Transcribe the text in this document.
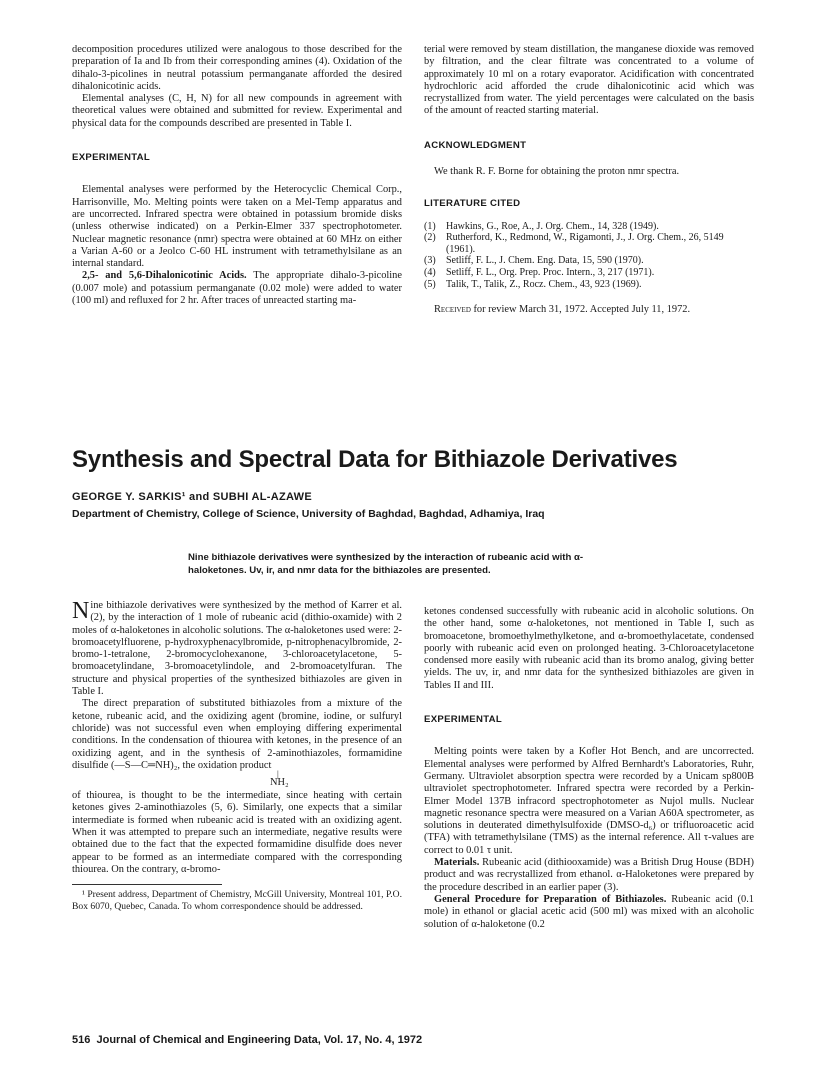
decomposition procedures utilized were analogous to those described for the preparation of Ia and Ib from their corresponding amines (4). Oxidation of the dihalo-3-picolines in neutral potassium permanganate afforded the desired dihalonicotinic acids.

Elemental analyses (C, H, N) for all new compounds in agreement with theoretical values were obtained and submitted for review. Experimental and physical data for the compounds described are presented in Table I.

EXPERIMENTAL

Elemental analyses were performed by the Heterocyclic Chemical Corp., Harrisonville, Mo. Melting points were taken on a Mel-Temp apparatus and are uncorrected. Infrared spectra were obtained in potassium bromide disks (unless otherwise indicated) on a Perkin-Elmer 337 spectrophotometer. Nuclear magnetic resonance (nmr) spectra were obtained at 60 MHz on either a Varian A-60 or a Jeolco C-60 HL instrument with tetramethylsilane as an internal standard.

2,5- and 5,6-Dihalonicotinic Acids. The appropriate dihalo-3-picoline (0.007 mole) and potassium permanganate (0.02 mole) were added to water (100 ml) and refluxed for 2 hr. After traces of unreacted starting ma-

terial were removed by steam distillation, the manganese dioxide was removed by filtration, and the clear filtrate was concentrated to a volume of approximately 10 ml on a rotary evaporator. Acidification with concentrated hydrochloric acid afforded the crude dihalonicotinic acid which was recrystallized from water. The yield percentages were calculated on the basis of the amount of reacted starting material.

ACKNOWLEDGMENT

We thank R. F. Borne for obtaining the proton nmr spectra.

LITERATURE CITED
(1)	Hawkins, G., Roe, A., J. Org. Chem., 14, 328 (1949).
(2)	Rutherford, K., Redmond, W., Rigamonti, J., J. Org. Chem., 26, 5149 (1961).
(3)	Setliff, F. L., J. Chem. Eng. Data, 15, 590 (1970).
(4)	Setliff, F. L., Org. Prep. Proc. Intern., 3, 217 (1971).
(5)	Talik, T., Talik, Z., Rocz. Chem., 43, 923 (1969).

Received for review March 31, 1972. Accepted July 11, 1972.

Synthesis and Spectral Data for Bithiazole Derivatives
GEORGE Y. SARKIS¹ and SUBHI AL-AZAWE
Department of Chemistry, College of Science, University of Baghdad, Baghdad, Adhamiya, Iraq
Nine bithiazole derivatives were synthesized by the interaction of rubeanic acid with α-haloketones. Uv, ir, and nmr data for the bithiazoles are presented.

Nine bithiazole derivatives were synthesized by the method of Karrer et al. (2), by the interaction of 1 mole of rubeanic acid (dithio-oxamide) with 2 moles of α-haloketones in alcoholic solutions. The α-haloketones used were: 2-bromoacetylfluorene, p-hydroxyphenacylbromide, p-nitrophenacylbromide, 2-bromo-1-tetralone, 2-bromocyclohexanone, 3-chloroacetylacetone, 5-bromoacetylindane, 3-bromoacetylindole, and 2-bromoacetylfuran. The structure and physical properties of the synthesized bithiazoles are given in Table I.

The direct preparation of substituted bithiazoles from a mixture of the ketone, rubeanic acid, and the oxidizing agent (bromine, iodine, or sulfuryl chloride) was not successful even when employing differing experimental conditions. In the condensation of thiourea with ketones, in the presence of an oxidizing agent, and in the synthesis of 2-aminothiazoles, formamidine disulfide (—S—C═NH)₂, the oxidation product

|
NH₂

of thiourea, is thought to be the intermediate, since heating with certain ketones gives 2-aminothiazoles (5, 6). Similarly, one expects that a similar intermediate is formed when rubeanic acid is treated with an oxidizing agent. When it was attempted to prepare such an intermediate, negative results were obtained due to the fact that the expected formamidine disulfide does never appear to be formed as an intermediate compared with the corresponding thiourea. On the contrary, α-bromo-

¹ Present address, Department of Chemistry, McGill University, Montreal 101, P.O. Box 6070, Quebec, Canada. To whom correspondence should be addressed.

ketones condensed successfully with rubeanic acid in alcoholic solutions. On the other hand, some α-haloketones, not mentioned in Table I, such as bromoacetone, bromoethylmethylketone, and α-bromoethylacetate, condensed poorly with rubeanic acid even on prolonged heating. 3-Chloroacetylacetone condensed more easily with rubeanic acid than its bromo analog, giving better yields. The uv, ir, and nmr data for the synthesized bithiazoles are given in Tables II and III.

EXPERIMENTAL

Melting points were taken by a Kofler Hot Bench, and are uncorrected. Elemental analyses were performed by Alfred Bernhardt's Laboratories, Ruhr, Germany. Ultraviolet absorption spectra were recorded by a Unicam sp800B ultraviolet spectrophotometer. Infrared spectra were recorded by a Perkin-Elmer Model 137B infracord spectrophotometer as Nujol mulls. Nuclear magnetic resonance spectra were measured on a Varian A60A spectrometer, as solutions in deuterated dimethylsulfoxide (DMSO-d₆) or trifluoroacetic acid (TFA) with tetramethylsilane (TMS) as the internal reference. All τ-values are correct to 0.01 τ unit.

Materials. Rubeanic acid (dithiooxamide) was a British Drug House (BDH) product and was recrystallized from ethanol. α-Haloketones were prepared by the procedure described in an earlier paper (3).

General Procedure for Preparation of Bithiazoles. Rubeanic acid (0.1 mole) in ethanol or glacial acetic acid (500 ml) was mixed with an alcoholic solution of α-haloketone (0.2

516 Journal of Chemical and Engineering Data, Vol. 17, No. 4, 1972
